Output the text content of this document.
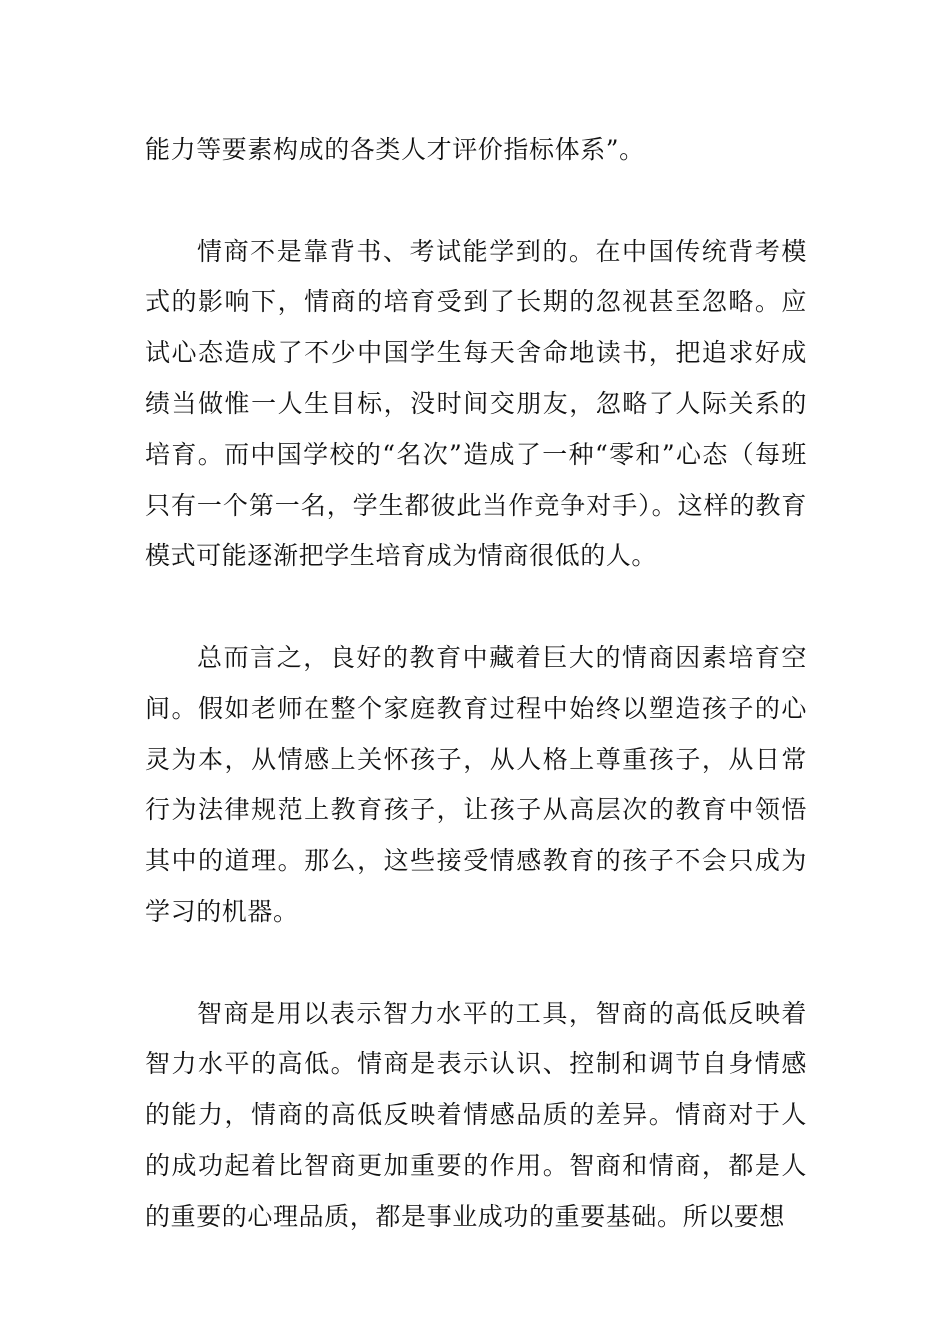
能力等要素构成的各类人才评价指标体系”。

情商不是靠背书、考试能学到的。在中国传统背考模式的影响下，情商的培育受到了长期的忽视甚至忽略。应试心态造成了不少中国学生每天舍命地读书，把追求好成绩当做惟一人生目标，没时间交朋友，忽略了人际关系的培育。而中国学校的“名次”造成了一种“零和”心态（每班只有一个第一名，学生都彼此当作竞争对手）。这样的教育模式可能逐渐把学生培育成为情商很低的人。

总而言之，良好的教育中藏着巨大的情商因素培育空间。假如老师在整个家庭教育过程中始终以塑造孩子的心灵为本，从情感上关怀孩子，从人格上尊重孩子，从日常行为法律规范上教育孩子，让孩子从高层次的教育中领悟其中的道理。那么，这些接受情感教育的孩子不会只成为学习的机器。

智商是用以表示智力水平的工具，智商的高低反映着智力水平的高低。情商是表示认识、控制和调节自身情感的能力，情商的高低反映着情感品质的差异。情商对于人的成功起着比智商更加重要的作用。智商和情商，都是人的重要的心理品质，都是事业成功的重要基础。所以要想
